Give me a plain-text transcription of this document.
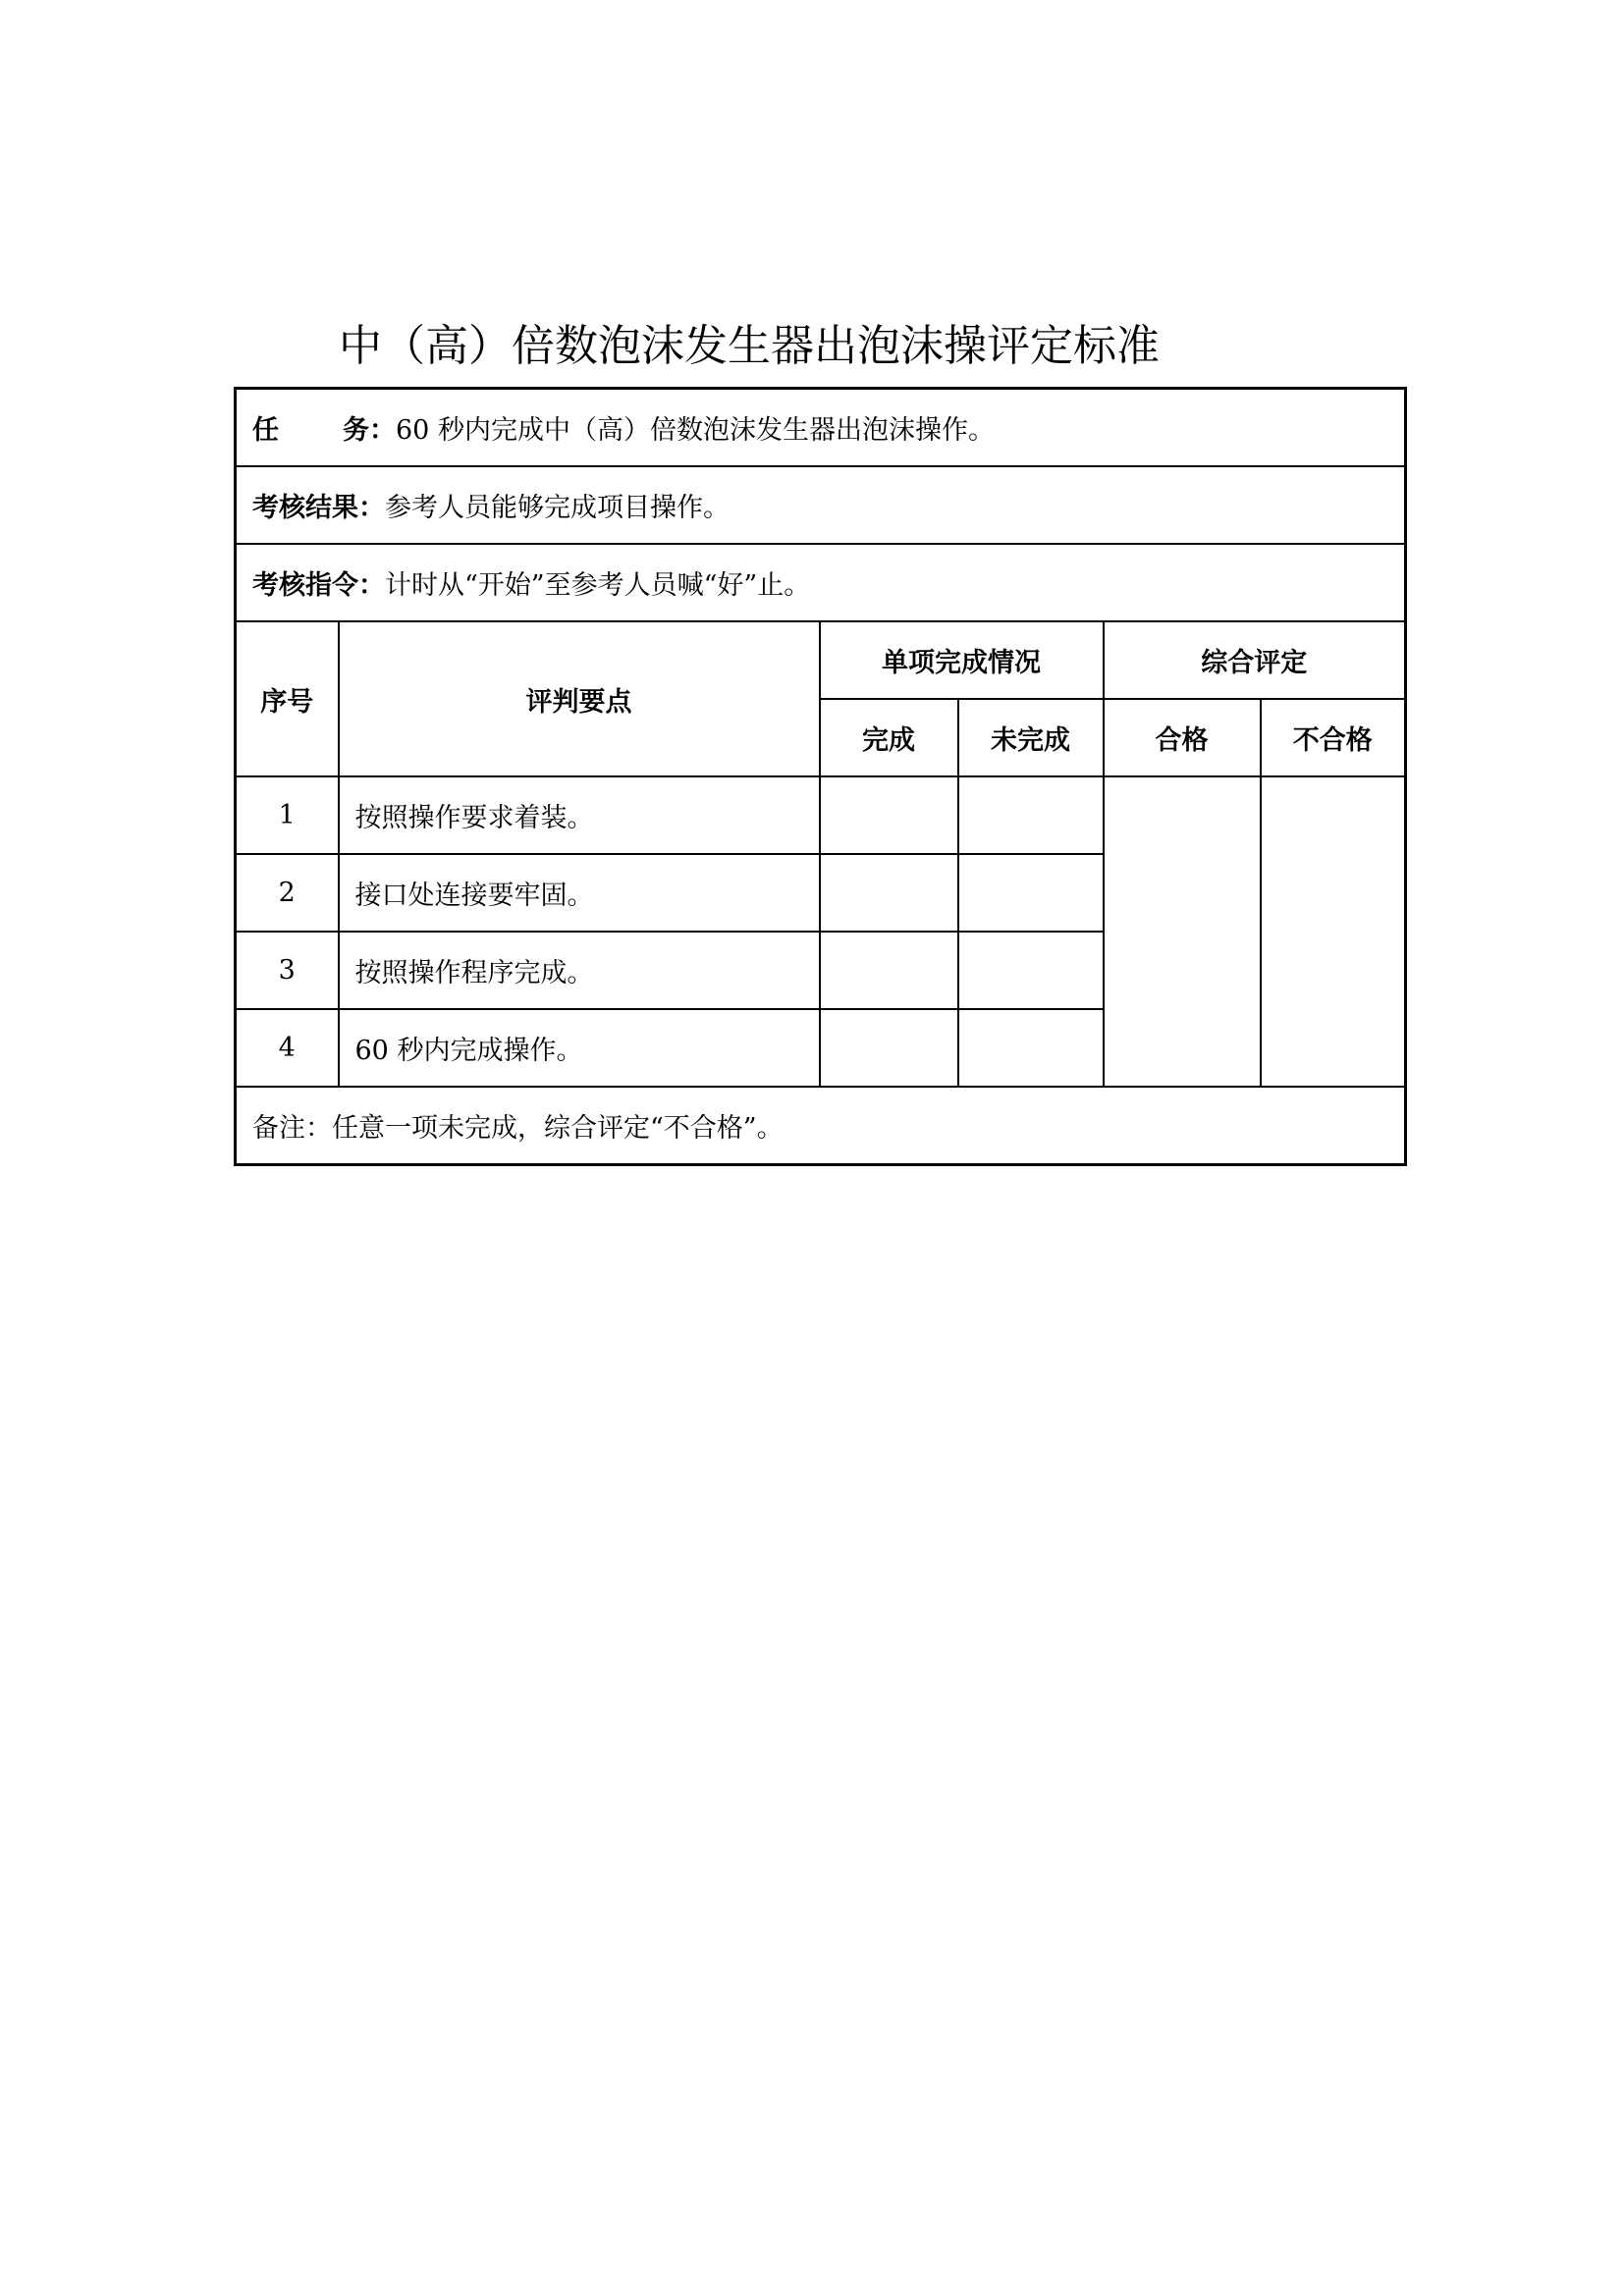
中（高）倍数泡沫发生器出泡沫操评定标准
任 务：60 秒内完成中（高）倍数泡沫发生器出泡沫操作。					
考核结果：参考人员能够完成项目操作。					
考核指令：计时从“开始”至参考人员喊“好”止。					
序号	评判要点	单项完成情况		综合评定	
		完成	未完成	合格	不合格
1	按照操作要求着装。				
2	接口处连接要牢固。				
3	按照操作程序完成。				
4	60 秒内完成操作。				
备注：任意一项未完成，综合评定“不合格”。					
